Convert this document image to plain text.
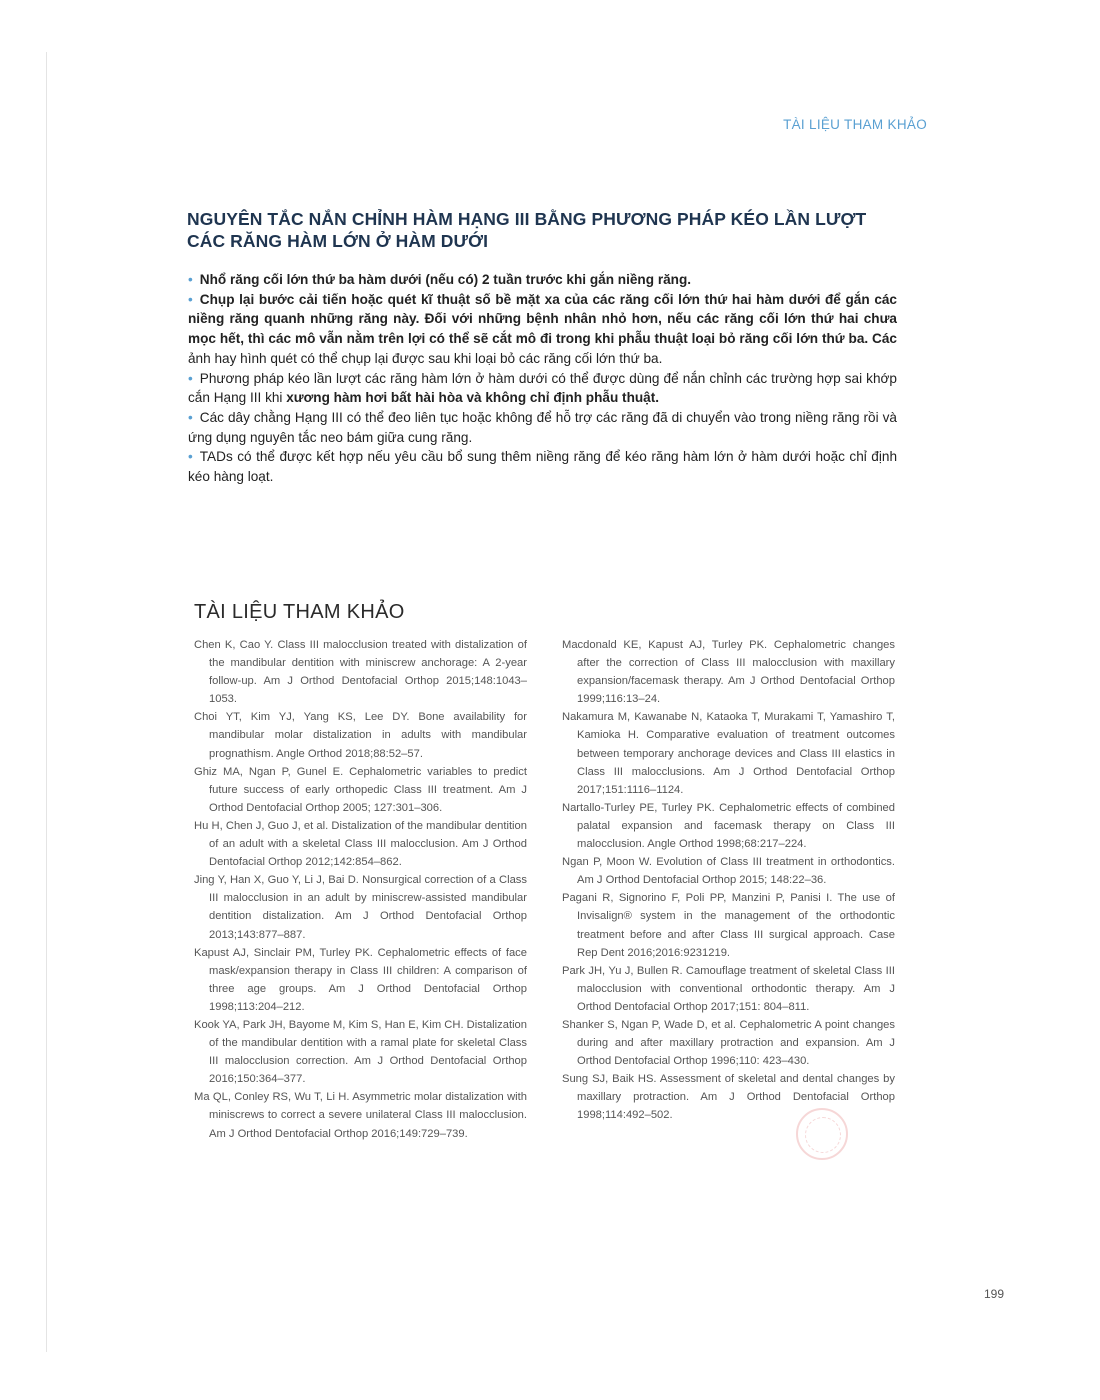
TÀI LIỆU THAM KHẢO
NGUYÊN TẮC NẮN CHỈNH HÀM HẠNG III BẰNG PHƯƠNG PHÁP KÉO LẦN LƯỢT
CÁC RĂNG HÀM LỚN Ở HÀM DƯỚI
• Nhổ răng cối lớn thứ ba hàm dưới (nếu có) 2 tuần trước khi gắn niềng răng.
• Chụp lại bước cải tiến hoặc quét kĩ thuật số bề mặt xa của các răng cối lớn thứ hai hàm dưới để gắn các niềng răng quanh những răng này. Đối với những bệnh nhân nhỏ hơn, nếu các răng cối lớn thứ hai chưa mọc hết, thì các mô vẫn nằm trên lợi có thể sẽ cắt mô đi trong khi phẫu thuật loại bỏ răng cối lớn thứ ba. Các ảnh hay hình quét có thể chụp lại được sau khi loại bỏ các răng cối lớn thứ ba.
• Phương pháp kéo lần lượt các răng hàm lớn ở hàm dưới có thể được dùng để nắn chỉnh các trường hợp sai khớp cắn Hạng III khi xương hàm hơi bất hài hòa và không chỉ định phẫu thuật.
• Các dây chằng Hạng III có thể đeo liên tục hoặc không để hỗ trợ các răng đã di chuyển vào trong niềng răng rồi và ứng dụng nguyên tắc neo bám giữa cung răng.
• TADs có thể được kết hợp nếu yêu cầu bổ sung thêm niềng răng để kéo răng hàm lớn ở hàm dưới hoặc chỉ định kéo hàng loạt.
TÀI LIỆU THAM KHẢO
Chen K, Cao Y. Class III malocclusion treated with distalization of the mandibular dentition with miniscrew anchorage: A 2-year follow-up. Am J Orthod Dentofacial Orthop 2015;148:1043–1053.
Choi YT, Kim YJ, Yang KS, Lee DY. Bone availability for mandibular molar distalization in adults with mandibular prognathism. Angle Orthod 2018;88:52–57.
Ghiz MA, Ngan P, Gunel E. Cephalometric variables to predict future success of early orthopedic Class III treatment. Am J Orthod Dentofacial Orthop 2005; 127:301–306.
Hu H, Chen J, Guo J, et al. Distalization of the mandibular dentition of an adult with a skeletal Class III malocclusion. Am J Orthod Dentofacial Orthop 2012;142:854–862.
Jing Y, Han X, Guo Y, Li J, Bai D. Nonsurgical correction of a Class III malocclusion in an adult by miniscrew-assisted mandibular dentition distalization. Am J Orthod Dentofacial Orthop 2013;143:877–887.
Kapust AJ, Sinclair PM, Turley PK. Cephalometric effects of face mask/expansion therapy in Class III children: A comparison of three age groups. Am J Orthod Dentofacial Orthop 1998;113:204–212.
Kook YA, Park JH, Bayome M, Kim S, Han E, Kim CH. Distalization of the mandibular dentition with a ramal plate for skeletal Class III malocclusion correction. Am J Orthod Dentofacial Orthop 2016;150:364–377.
Ma QL, Conley RS, Wu T, Li H. Asymmetric molar distalization with miniscrews to correct a severe unilateral Class III malocclusion. Am J Orthod Dentofacial Orthop 2016;149:729–739.
Macdonald KE, Kapust AJ, Turley PK. Cephalometric changes after the correction of Class III malocclusion with maxillary expansion/facemask therapy. Am J Orthod Dentofacial Orthop 1999;116:13–24.
Nakamura M, Kawanabe N, Kataoka T, Murakami T, Yamashiro T, Kamioka H. Comparative evaluation of treatment outcomes between temporary anchorage devices and Class III elastics in Class III malocclusions. Am J Orthod Dentofacial Orthop 2017;151:1116–1124.
Nartallo-Turley PE, Turley PK. Cephalometric effects of combined palatal expansion and facemask therapy on Class III malocclusion. Angle Orthod 1998;68:217–224.
Ngan P, Moon W. Evolution of Class III treatment in orthodontics. Am J Orthod Dentofacial Orthop 2015; 148:22–36.
Pagani R, Signorino F, Poli PP, Manzini P, Panisi I. The use of Invisalign® system in the management of the orthodontic treatment before and after Class III surgical approach. Case Rep Dent 2016;2016:9231219.
Park JH, Yu J, Bullen R. Camouflage treatment of skeletal Class III malocclusion with conventional orthodontic therapy. Am J Orthod Dentofacial Orthop 2017;151: 804–811.
Shanker S, Ngan P, Wade D, et al. Cephalometric A point changes during and after maxillary protraction and expansion. Am J Orthod Dentofacial Orthop 1996;110: 423–430.
Sung SJ, Baik HS. Assessment of skeletal and dental changes by maxillary protraction. Am J Orthod Dentofacial Orthop 1998;114:492–502.
199
